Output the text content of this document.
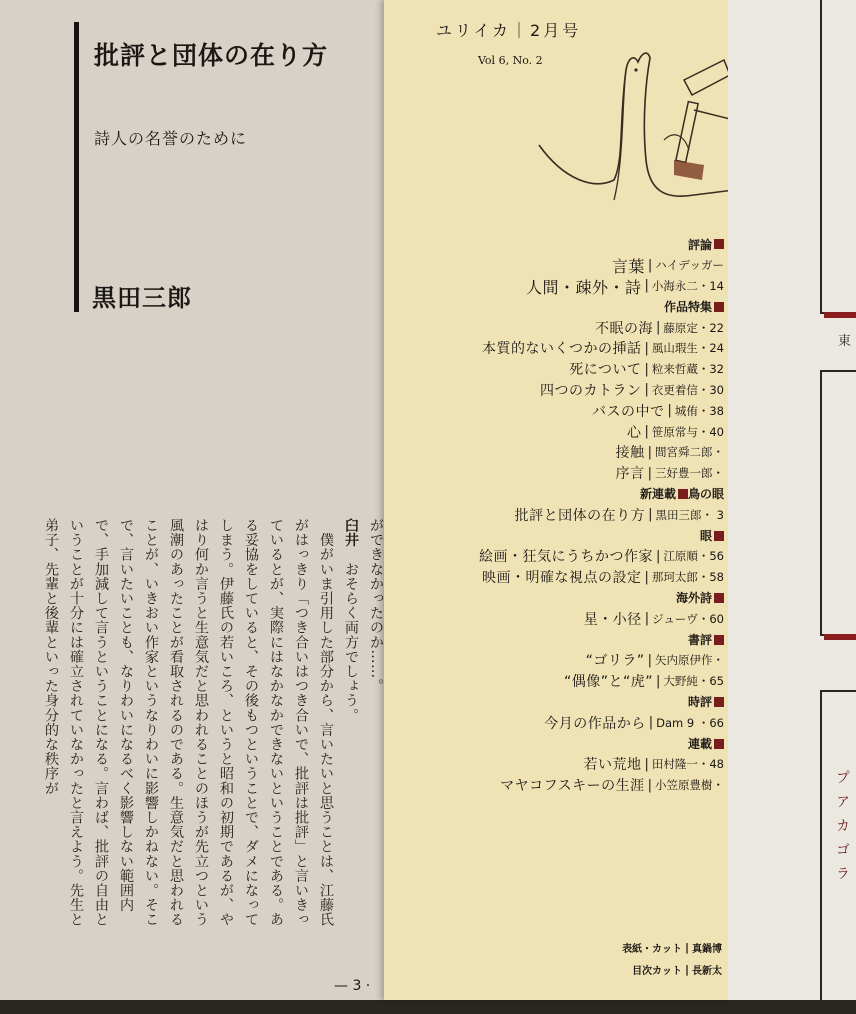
批評と団体の在り方
詩人の名誉のために
黒田三郎

ができなかったのか……。

臼井　おそらく両方でしょう。

　僕がいま引用した部分から、言いたいと思うことは、江藤氏がはっきり「つき合いはつき合いで、批評は批評」と言いきっているとが、実際にはなかなかできないということである。ある妥協をしていると、その後もつということで、ダメになってしまう。伊藤氏の若いころ、というと昭和の初期であるが、やはり何か言うと生意気だと思われることのほうが先立つという風潮のあったことが看取されるのである。生意気だと思われることが、いきおい作家というなりわいに影響しかねない。そこで、言いたいことも、なりわいになるべく影響しない範囲内で、手加減して言うということになる。言わば、批評の自由ということが十分には確立されていなかったと言えよう。先生と弟子、先輩と後輩といった身分的な秩序が

— 3 ·
ユリイカ｜2月号
Vol 6, No. 2
評論
言葉 | ハイデッガー
人間・疎外・詩 | 小海永二・14
作品特集
不眠の海 | 藤原定・22
本質的ないくつかの挿話 | 風山瑕生・24
死について | 粒来哲蔵・32
四つのカトラン | 衣更着信・30
バスの中で | 城侑・38
心 | 笹原常与・40
接触 | 間宮舜二郎・
序言 | 三好豊一郎・
新連載 鳥の眼
批評と団体の在り方 | 黒田三郎・ 3
眼
絵画・狂気にうちかつ作家 | 江原順・56
映画・明確な視点の設定 | 那珂太郎・58
海外詩
星・小径 | ジューヴ・60
書評
“ゴリラ” | 矢内原伊作・
“偶像”と“虎” | 大野純・65
時評
今月の作品から | Dam 9 ・66
連載
若い荒地 | 田村隆一・48
マヤコフスキーの生涯 | 小笠原豊樹・
表紙・カット | 真鍋博
目次カット | 長新太
東
プアカゴラ
